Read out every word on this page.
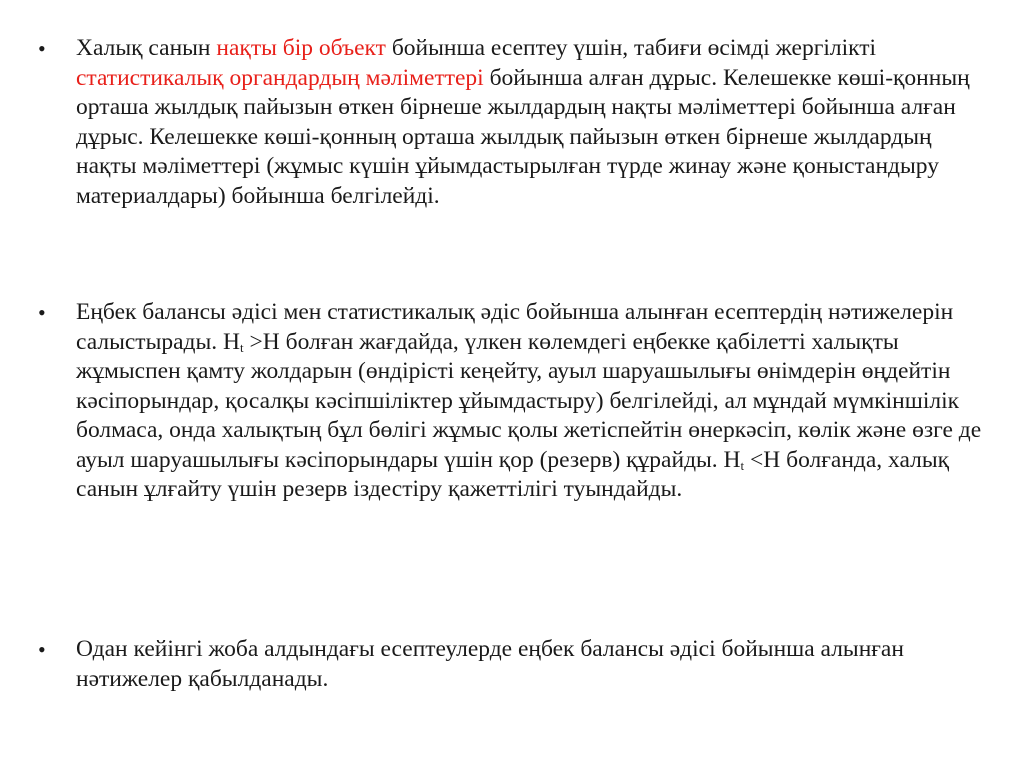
• Халық санын нақты бір объект бойынша есептеу үшін, табиғи өсімді жергілікті статистикалық органдардың мәліметтері бойынша алған дұрыс. Келешекке көші-қонның орташа жылдық пайызын өткен бірнеше жылдардың нақты мәліметтері бойынша алған дұрыс. Келешекке көші-қонның орташа жылдық пайызын өткен бірнеше жылдардың нақты мәліметтері (жұмыс күшін ұйымдастырылған түрде жинау және қоныстандыру материалдары) бойынша белгілейді.
• Еңбек балансы әдісі мен статистикалық әдіс бойынша алынған есептердің нәтижелерін салыстырады. $Н_t >Н$ болған жағдайда, үлкен көлемдегі еңбекке қабілетті халықты жұмыспен қамту жолдарын (өндірісті кеңейту, ауыл шаруашылығы өнімдерін өңдейтін кәсіпорындар, қосалқы кәсіпшіліктер ұйымдастыру) белгілейді, ал мұндай мүмкіншілік болмаса, онда халықтың бұл бөлігі жұмыс қолы жетіспейтін өнеркәсіп, көлік және өзге де ауыл шаруашылығы кәсіпорындары үшін қор (резерв) құрайды. $Н_t <Н$ болғанда, халық санын ұлғайту үшін резерв іздестіру қажеттілігі туындайды.
• Одан кейінгі жоба алдындағы есептеулерде еңбек балансы әдісі бойынша алынған нәтижелер қабылданады.
